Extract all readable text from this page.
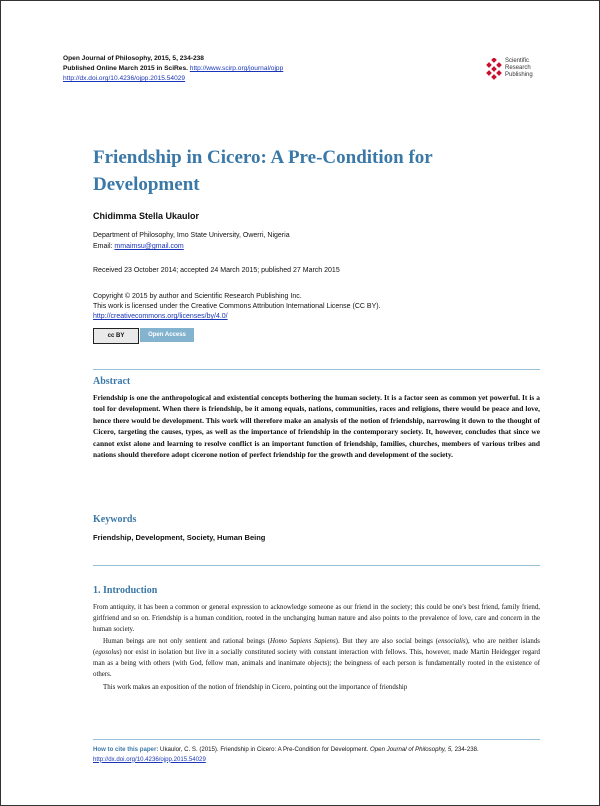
Open Journal of Philosophy, 2015, 5, 234-238
Published Online March 2015 in SciRes. http://www.scirp.org/journal/ojpp
http://dx.doi.org/10.4236/ojpp.2015.54029
Scientific
Research
Publishing
Friendship in Cicero: A Pre-Condition for Development
Chidimma Stella Ukaulor
Department of Philosophy, Imo State University, Owerri, Nigeria
Email: mmaimsu@gmail.com
Received 23 October 2014; accepted 24 March 2015; published 27 March 2015
Copyright © 2015 by author and Scientific Research Publishing Inc.
This work is licensed under the Creative Commons Attribution International License (CC BY).
http://creativecommons.org/licenses/by/4.0/
cc BY	Open Access
Abstract
Friendship is one the anthropological and existential concepts bothering the human society. It is a factor seen as common yet powerful. It is a tool for development. When there is friendship, be it among equals, nations, communities, races and religions, there would be peace and love, hence there would be development. This work will therefore make an analysis of the notion of friendship, narrowing it down to the thought of Cicero, targeting the causes, types, as well as the importance of friendship in the contemporary society. It, however, concludes that since we cannot exist alone and learning to resolve conflict is an important function of friendship, families, churches, members of various tribes and nations should therefore adopt cicerone notion of perfect friendship for the growth and development of the society.
Keywords
Friendship, Development, Society, Human Being
1. Introduction

From antiquity, it has been a common or general expression to acknowledge someone as our friend in the society; this could be one's best friend, family friend, girlfriend and so on. Friendship is a human condition, rooted in the unchanging human nature and also points to the prevalence of love, care and concern in the human society.

Human beings are not only sentient and rational beings (Homo Sapiens Sapiens). But they are also social beings (ensocialis), who are neither islands (egosolus) nor exist in isolation but live in a socially constituted society with constant interaction with fellows. This, however, made Martin Heidegger regard man as a being with others (with God, fellow man, animals and inanimate objects); the beingness of each person is fundamentally rooted in the existence of others.

This work makes an exposition of the notion of friendship in Cicero, pointing out the importance of friendship

How to cite this paper: Ukaulor, C. S. (2015). Friendship in Cicero: A Pre-Condition for Development. Open Journal of Philosophy, 5, 234-238. http://dx.doi.org/10.4236/ojpp.2015.54029
